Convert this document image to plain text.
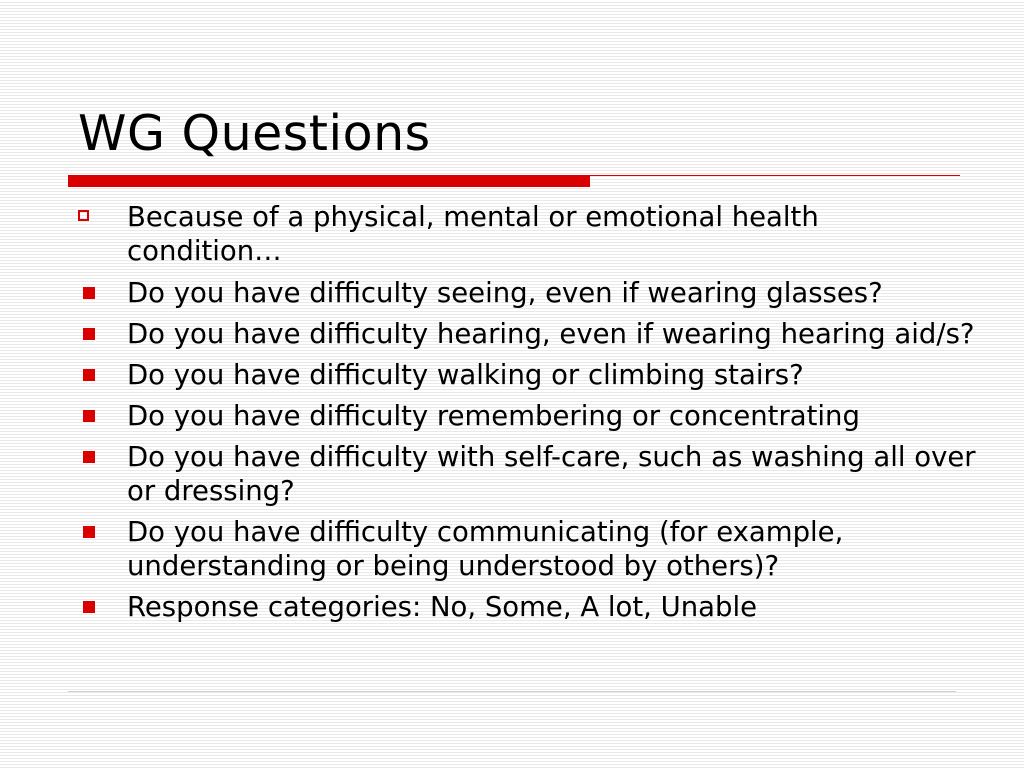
WG Questions
Because of a physical, mental or emotional health condition…
Do you have difficulty seeing, even if wearing glasses?
Do you have difficulty hearing, even if wearing hearing aid/s?
Do you have difficulty walking or climbing stairs?
Do you have difficulty remembering or concentrating
Do you have difficulty with self-care, such as washing all over or dressing?
Do you have difficulty communicating (for example, understanding or being understood by others)?
Response categories: No, Some, A lot, Unable
